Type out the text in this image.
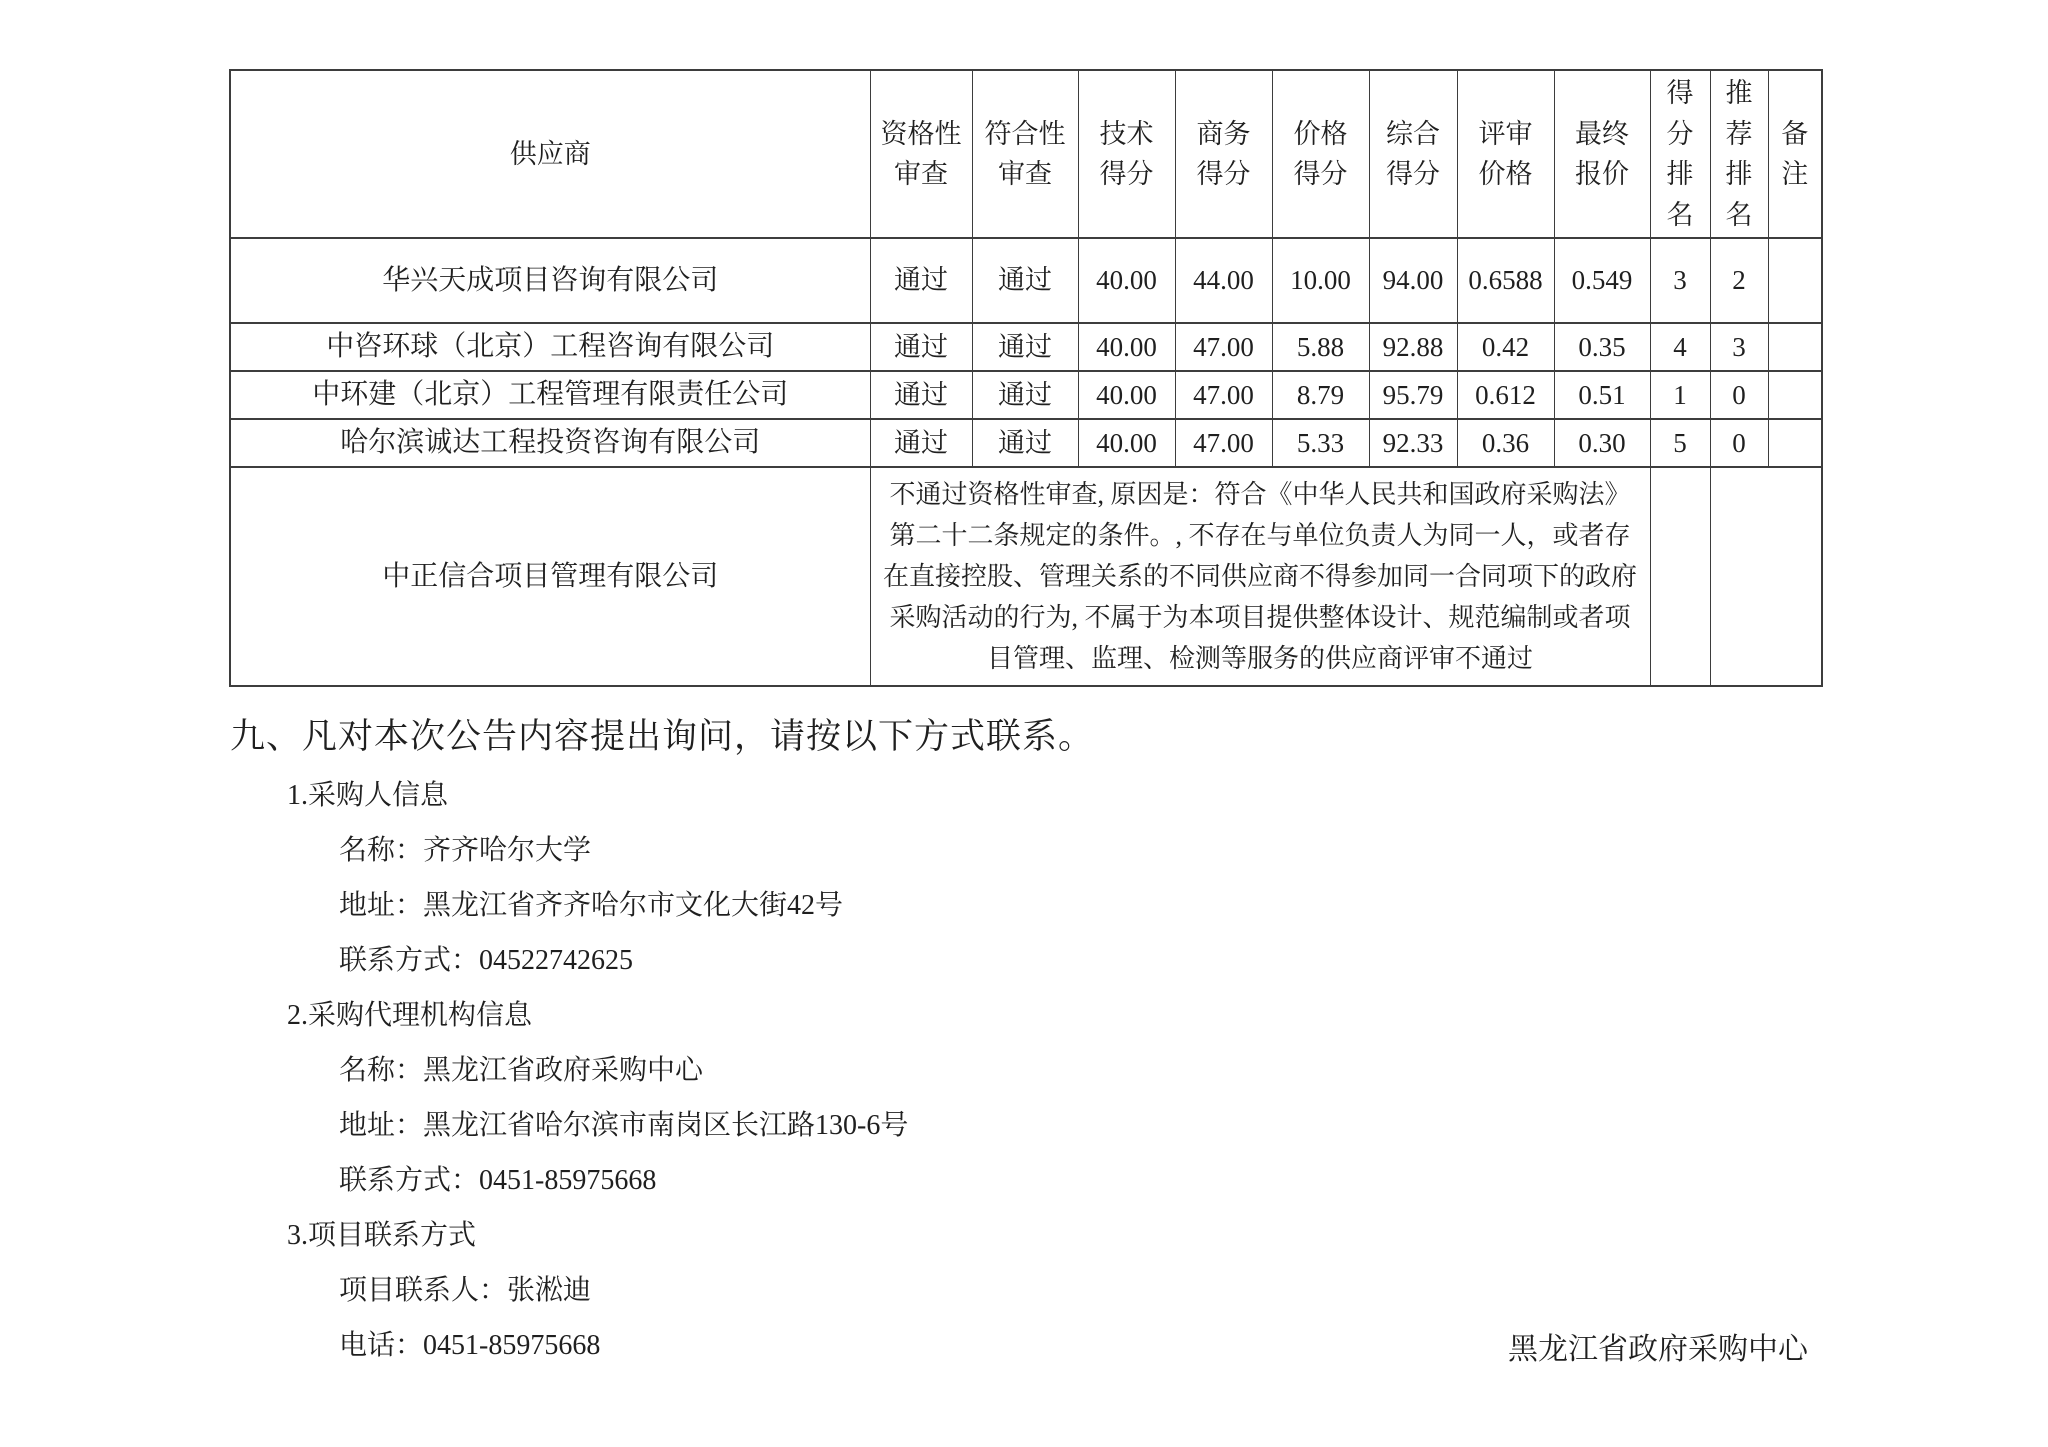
供应商	资格性审查	符合性审查	技术得分	商务得分	价格得分	综合得分	评审价格	最终报价	得分排名	推荐排名	备注
华兴天成项目咨询有限公司	通过	通过	40.00	44.00	10.00	94.00	0.6588	0.549	3	2	
中咨环球（北京）工程咨询有限公司	通过	通过	40.00	47.00	5.88	92.88	0.42	0.35	4	3	
中环建（北京）工程管理有限责任公司	通过	通过	40.00	47.00	8.79	95.79	0.612	0.51	1	0	
哈尔滨诚达工程投资咨询有限公司	通过	通过	40.00	47.00	5.33	92.33	0.36	0.30	5	0	
中正信合项目管理有限公司	不通过资格性审查, 原因是：符合《中华人民共和国政府采购法》第二十二条规定的条件。, 不存在与单位负责人为同一人，或者存在直接控股、管理关系的不同供应商不得参加同一合同项下的政府采购活动的行为, 不属于为本项目提供整体设计、规范编制或者项目管理、监理、检测等服务的供应商评审不通过										
九、凡对本次公告内容提出询问，请按以下方式联系。
1.采购人信息
名称：齐齐哈尔大学
地址：黑龙江省齐齐哈尔市文化大街42号
联系方式：04522742625
2.采购代理机构信息
名称：黑龙江省政府采购中心
地址：黑龙江省哈尔滨市南岗区长江路130-6号
联系方式：0451-85975668
3.项目联系方式
项目联系人：张淞迪
电话：0451-85975668	黑龙江省政府采购中心
